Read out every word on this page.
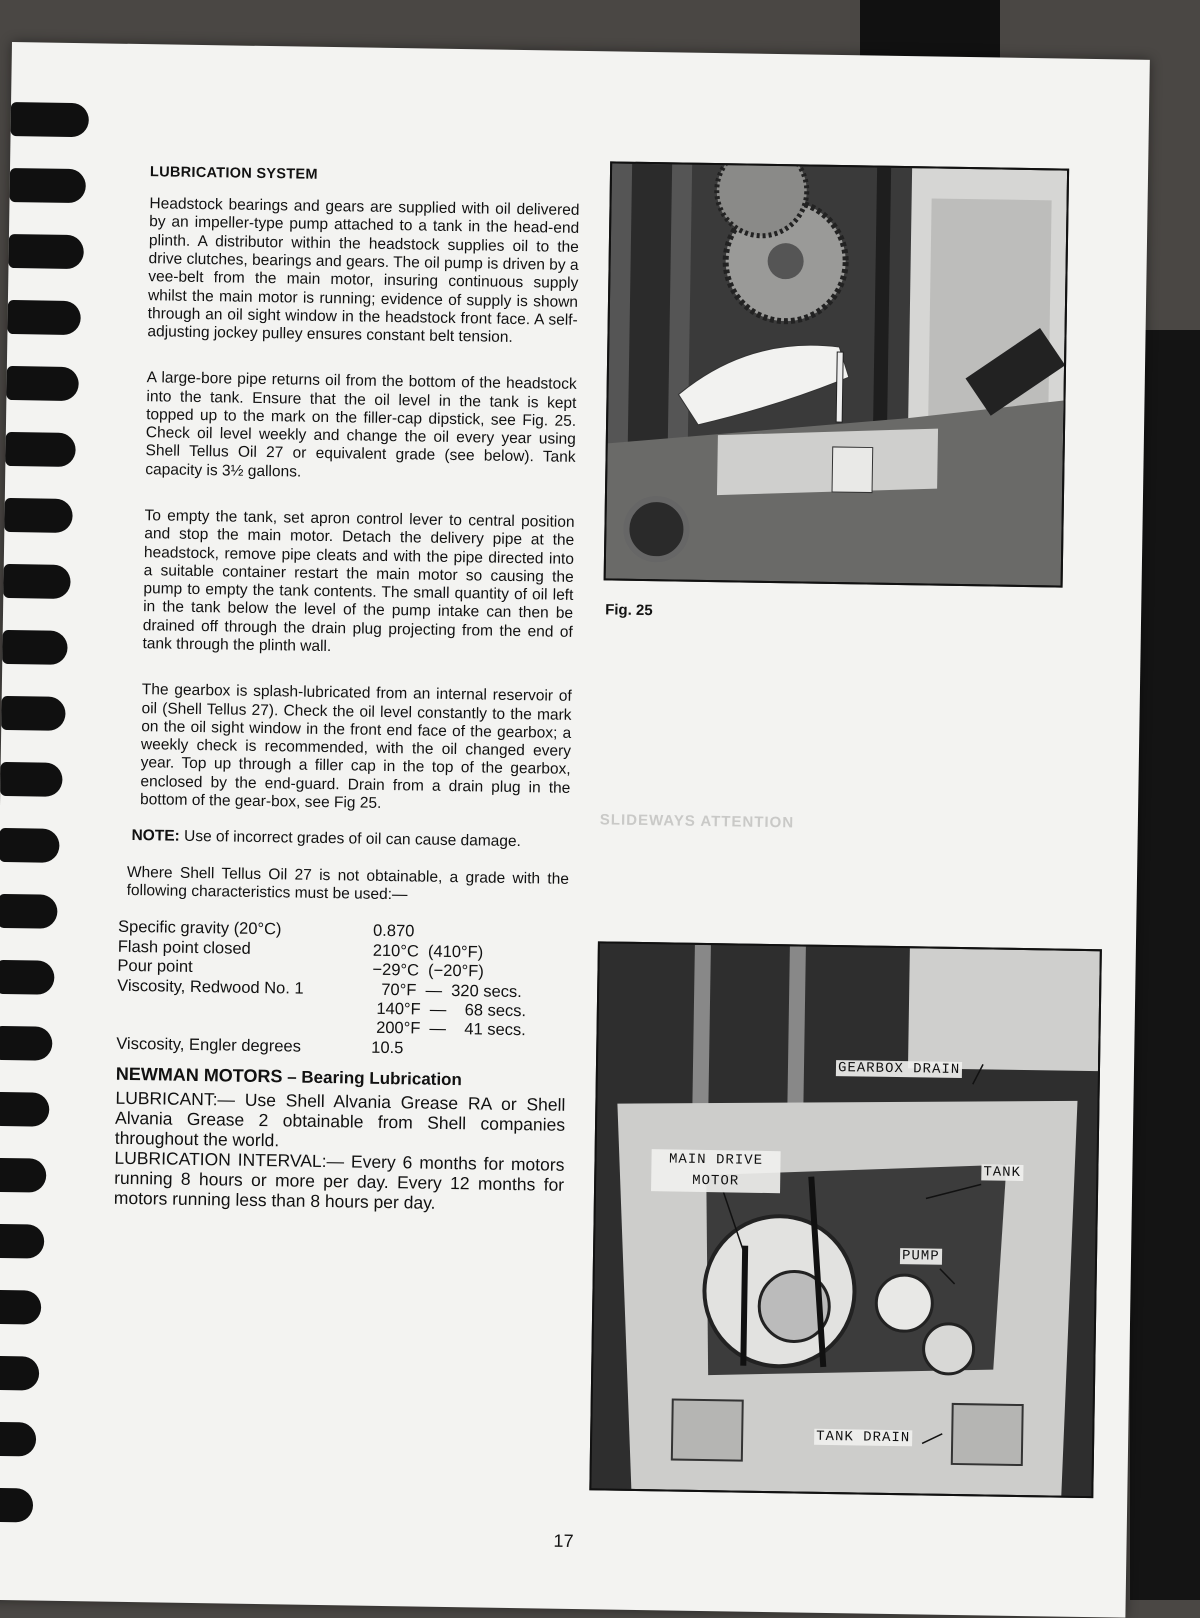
LUBRICATION SYSTEM

Headstock bearings and gears are supplied with oil delivered by an impeller-type pump attached to a tank in the head-end plinth. A distributor within the headstock supplies oil to the drive clutches, bearings and gears. The oil pump is driven by a vee-belt from the main motor, insuring continuous supply whilst the main motor is running; evidence of supply is shown through an oil sight window in the headstock front face. A self-adjusting jockey pulley ensures constant belt tension.

A large-bore pipe returns oil from the bottom of the headstock into the tank. Ensure that the oil level in the tank is kept topped up to the mark on the filler-cap dipstick, see Fig. 25. Check oil level weekly and change the oil every year using Shell Tellus Oil 27 or equivalent grade (see below). Tank capacity is 3½ gallons.

To empty the tank, set apron control lever to central position and stop the main motor. Detach the delivery pipe at the headstock, remove pipe cleats and with the pipe directed into a suitable container restart the main motor so causing the pump to empty the tank contents. The small quantity of oil left in the tank below the level of the pump intake can then be drained off through the drain plug projecting from the end of tank through the plinth wall.

The gearbox is splash-lubricated from an internal reservoir of oil (Shell Tellus 27). Check the oil level constantly to the mark on the oil sight window in the front end face of the gearbox; a weekly check is recommended, with the oil changed every year. Top up through a filler cap in the top of the gearbox, enclosed by the end-guard. Drain from a drain plug in the bottom of the gear-box, see Fig 25.

NOTE: Use of incorrect grades of oil can cause damage.

Where Shell Tellus Oil 27 is not obtainable, a grade with the following characteristics must be used:—

Specific gravity (20°C)	0.870
Flash point closed	210°C  (410°F)
Pour point	−29°C  (−20°F)
Viscosity, Redwood No. 1	70°F  —  320 secs.
140°F  —    68 secs.
200°F  —    41 secs.
Viscosity, Engler degrees	10.5
NEWMAN MOTORS – Bearing Lubrication
LUBRICANT:— Use Shell Alvania Grease RA or Shell Alvania Grease 2 obtainable from Shell companies throughout the world.
LUBRICATION INTERVAL:— Every 6 months for motors running 8 hours or more per day. Every 12 months for motors running less than 8 hours per day.
Fig. 25
SLIDEWAYS ATTENTION
GEARBOX DRAIN
MAIN DRIVE MOTOR
TANK
PUMP
TANK DRAIN
17
